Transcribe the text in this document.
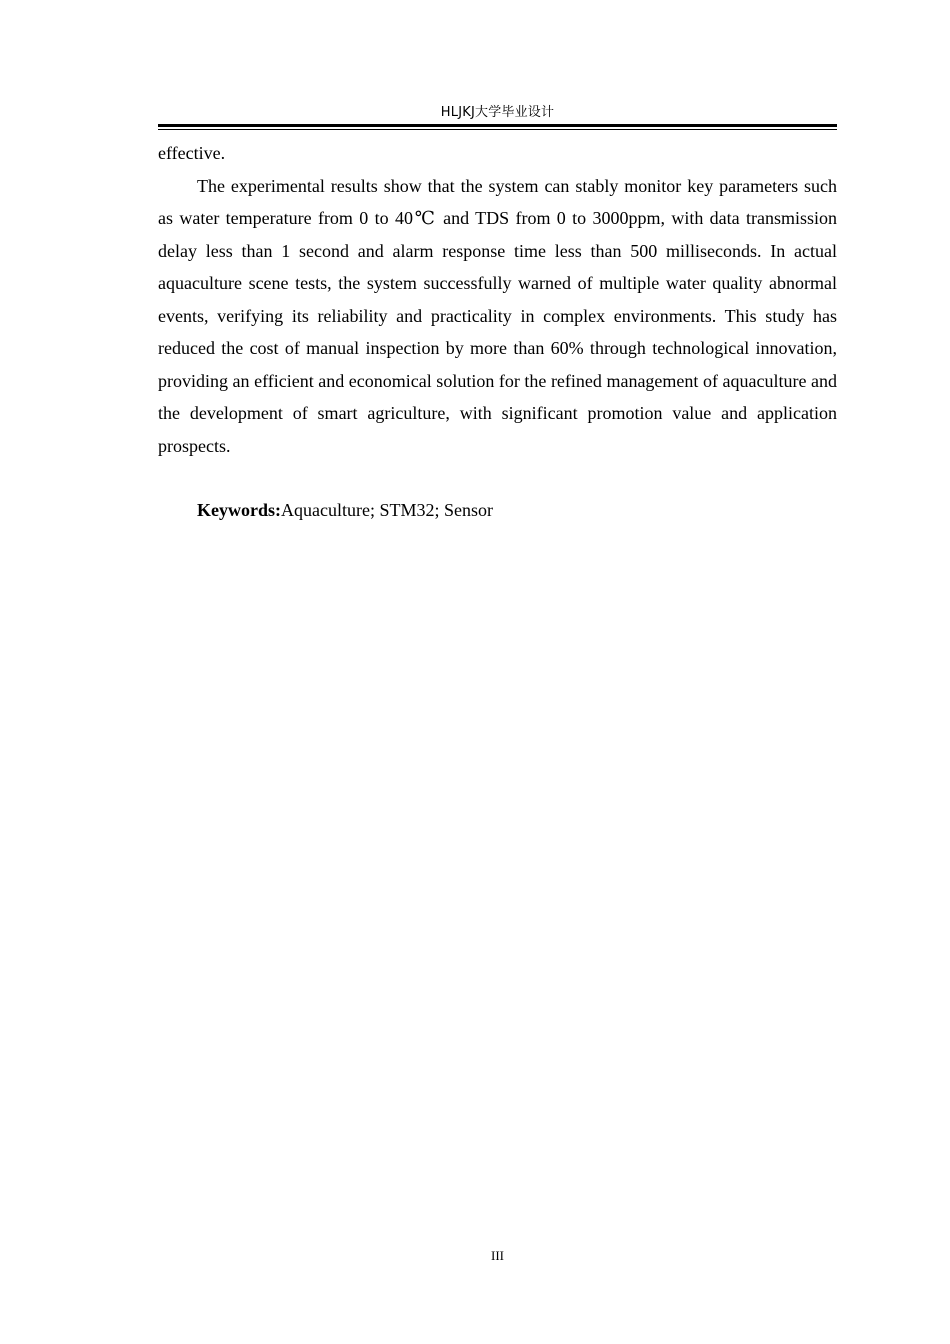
HLJKJ大学毕业设计

effective.

The experimental results show that the system can stably monitor key parameters such as water temperature from 0 to 40℃ and TDS from 0 to 3000ppm, with data transmission delay less than 1 second and alarm response time less than 500 milliseconds. In actual aquaculture scene tests, the system successfully warned of multiple water quality abnormal events, verifying its reliability and practicality in complex environments. This study has reduced the cost of manual inspection by more than 60% through technological innovation, providing an efficient and economical solution for the refined management of aquaculture and the development of smart agriculture, with significant promotion value and application prospects.

Keywords:Aquaculture; STM32; Sensor

III
